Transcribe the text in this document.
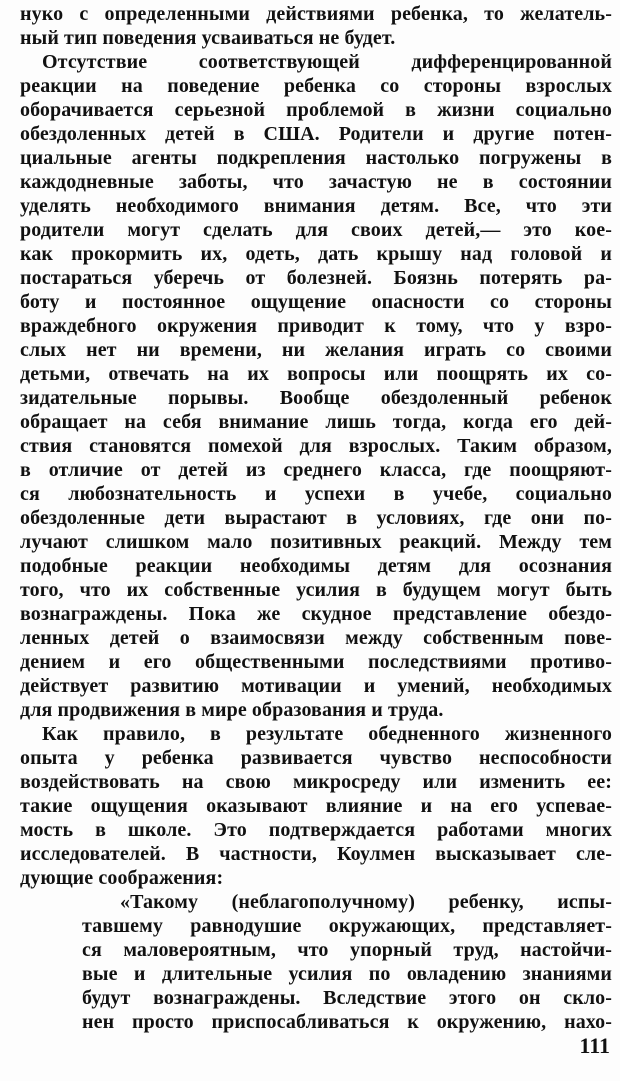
нуко с определенными действиями ребенка, то желатель-
ный тип поведения усваиваться не будет.
Отсутствие соответствующей дифференцированной
реакции на поведение ребенка со стороны взрослых
оборачивается серьезной проблемой в жизни социально
обездоленных детей в США. Родители и другие потен-
циальные агенты подкрепления настолько погружены в
каждодневные заботы, что зачастую не в состоянии
уделять необходимого внимания детям. Все, что эти
родители могут сделать для своих детей,— это кое-
как прокормить их, одеть, дать крышу над головой и
постараться уберечь от болезней. Боязнь потерять ра-
боту и постоянное ощущение опасности со стороны
враждебного окружения приводит к тому, что у взро-
слых нет ни времени, ни желания играть со своими
детьми, отвечать на их вопросы или поощрять их со-
зидательные порывы. Вообще обездоленный ребенок
обращает на себя внимание лишь тогда, когда его дей-
ствия становятся помехой для взрослых. Таким образом,
в отличие от детей из среднего класса, где поощряют-
ся любознательность и успехи в учебе, социально
обездоленные дети вырастают в условиях, где они по-
лучают слишком мало позитивных реакций. Между тем
подобные реакции необходимы детям для осознания
того, что их собственные усилия в будущем могут быть
вознаграждены. Пока же скудное представление обездо-
ленных детей о взаимосвязи между собственным пове-
дением и его общественными последствиями противо-
действует развитию мотивации и умений, необходимых
для продвижения в мире образования и труда.
Как правило, в результате обедненного жизненного
опыта у ребенка развивается чувство неспособности
воздействовать на свою микросреду или изменить ее:
такие ощущения оказывают влияние и на его успевае-
мость в школе. Это подтверждается работами многих
исследователей. В частности, Коулмен высказывает сле-
дующие соображения:
«Такому (неблагополучному) ребенку, испы-
тавшему равнодушие окружающих, представляет-
ся маловероятным, что упорный труд, настойчи-
вые и длительные усилия по овладению знаниями
будут вознаграждены. Вследствие этого он скло-
нен просто приспосабливаться к окружению, нахо-
111
